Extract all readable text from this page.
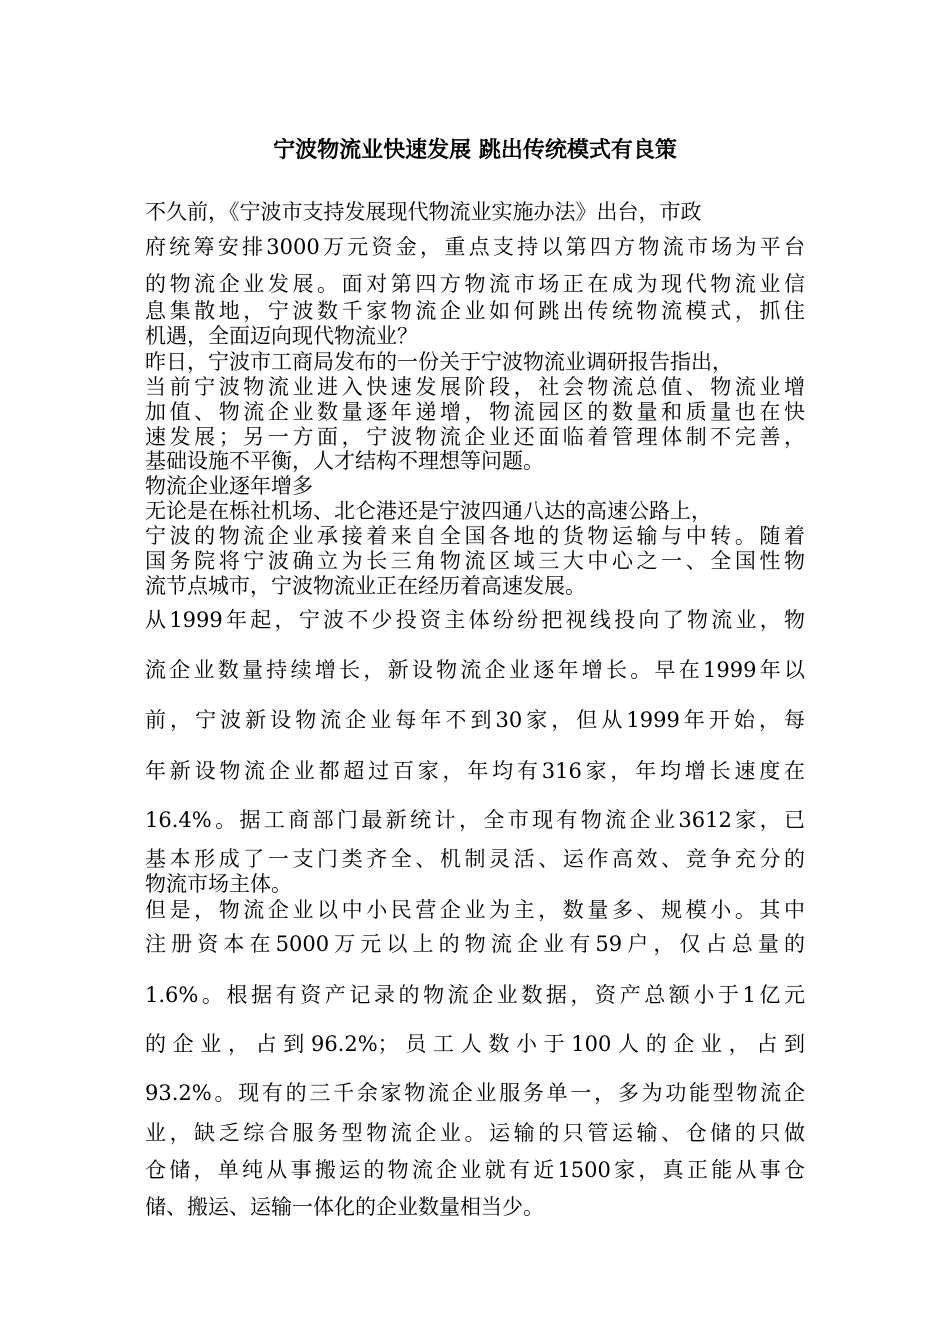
宁波物流业快速发展 跳出传统模式有良策
不久前，《宁波市支持发展现代物流业实施办法》出台，市政
府统筹安排3000万元资金，重点支持以第四方物流市场为平台
的物流企业发展。面对第四方物流市场正在成为现代物流业信
息集散地，宁波数千家物流企业如何跳出传统物流模式，抓住
机遇，全面迈向现代物流业？
昨日，宁波市工商局发布的一份关于宁波物流业调研报告指出，
当前宁波物流业进入快速发展阶段，社会物流总值、物流业增
加值、物流企业数量逐年递增，物流园区的数量和质量也在快
速发展；另一方面，宁波物流企业还面临着管理体制不完善，
基础设施不平衡，人才结构不理想等问题。
物流企业逐年增多
无论是在栎社机场、北仑港还是宁波四通八达的高速公路上，
宁波的物流企业承接着来自全国各地的货物运输与中转。随着
国务院将宁波确立为长三角物流区域三大中心之一、全国性物
流节点城市，宁波物流业正在经历着高速发展。
从1999年起，宁波不少投资主体纷纷把视线投向了物流业，物
流企业数量持续增长，新设物流企业逐年增长。早在1999年以
前，宁波新设物流企业每年不到30家，但从1999年开始，每
年新设物流企业都超过百家，年均有316家，年均增长速度在
16.4%。据工商部门最新统计，全市现有物流企业3612家，已
基本形成了一支门类齐全、机制灵活、运作高效、竞争充分的
物流市场主体。
但是，物流企业以中小民营企业为主，数量多、规模小。其中
注册资本在5000万元以上的物流企业有59户，仅占总量的
1.6%。根据有资产记录的物流企业数据，资产总额小于1亿元
的企业，占到96.2%；员工人数小于100人的企业，占到
93.2%。现有的三千余家物流企业服务单一，多为功能型物流企
业，缺乏综合服务型物流企业。运输的只管运输、仓储的只做
仓储，单纯从事搬运的物流企业就有近1500家，真正能从事仓
储、搬运、运输一体化的企业数量相当少。
